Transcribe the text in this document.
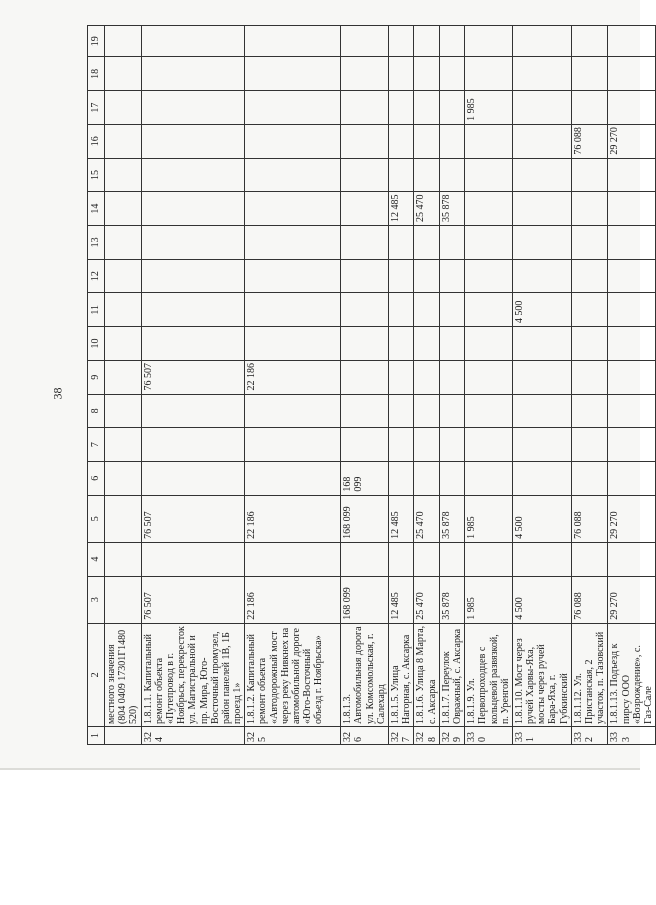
38
1	2	3	4	5	6	7	8	9	10	11	12	13	14	15	16	17	18	19
	местного значения (804 0409 17301Г1480 520)																	
324	1.8.1.1. Капитальный ремонт объекта «Путепровод в г. Ноябрьск, перекресток ул. Магистральной и пр. Мира, Юго-Восточный промузел, район панелей 1В, 1Б проезд 1»	76 507		76 507				76 507										
325	1.8.1.2. Капитальный ремонт объекта «Автодорожный мост через реку Нивкнех на автомобильной дороге «Юго-Восточный объезд г. Ноябрьска»	22 186		22 186				22 186										
326	1.8.1.3. Автомобильная дорога ул. Комсомольская, г. Салехард	168 099		168 099	168 099													
327	1.8.1.5. Улица Нагорная, с. Аксарка	12 485		12 485									12 485					
328	1.8.1.6. Улица 8 Марта, с. Аксарка	25 470		25 470									25 470					
329	1.8.1.7. Переулок Овражный, с. Аксарка	35 878		35 878									35 878					
330	1.8.1.9. Ул. Первопроходцев с кольцевой развязкой, п. Уренгой	1 985		1 985												1 985		
331	1.8.1.10. Мост через ручей Харвы-Яха, мосты через ручей Бара-Яха, г. Губкинский	4 500		4 500						4 500								
332	1.8.1.12. Ул. Пристанская, 2 участок, п. Тазовский	76 088		76 088											76 088			
333	1.8.1.13. Подъезд к пирсу ООО «Возрождение», с. Газ-Сале	29 270		29 270											29 270			
